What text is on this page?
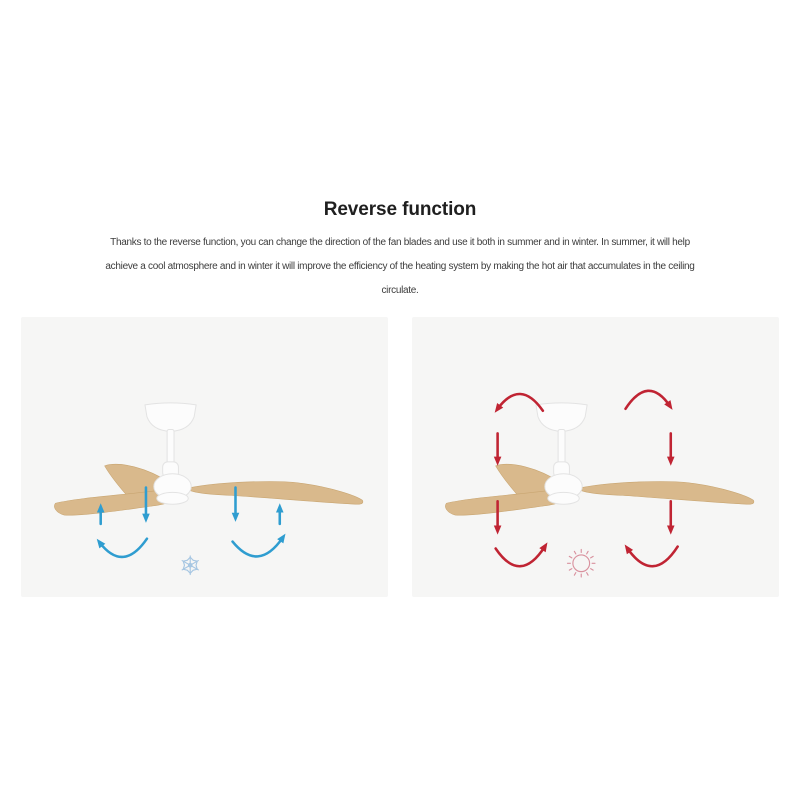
Reverse function
Thanks to the reverse function, you can change the direction of the fan blades and use it both in summer and in winter. In summer, it will help
achieve a cool atmosphere and in winter it will improve the efficiency of the heating system by making the hot air that accumulates in the ceiling
circulate.
